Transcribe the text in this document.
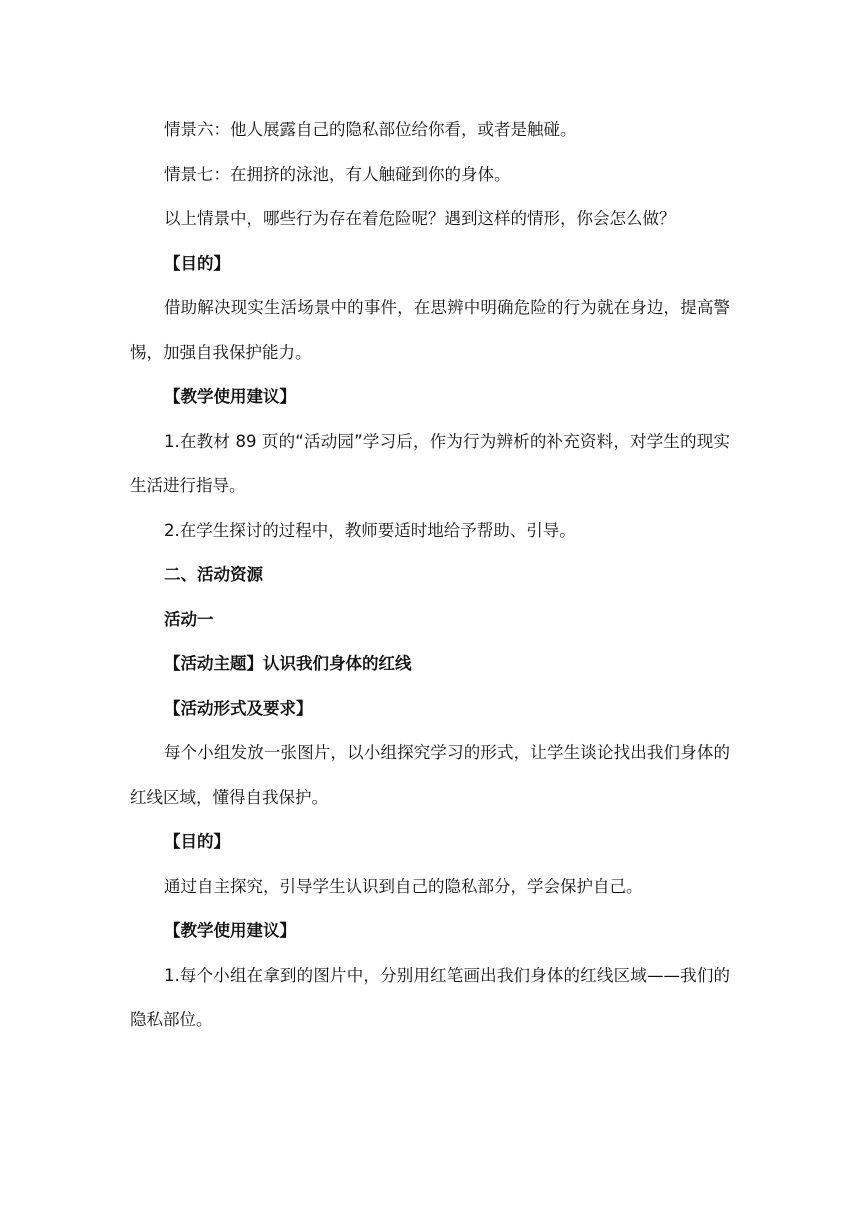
情景六：他人展露自己的隐私部位给你看，或者是触碰。

情景七：在拥挤的泳池，有人触碰到你的身体。

以上情景中，哪些行为存在着危险呢？遇到这样的情形，你会怎么做？

【目的】

借助解决现实生活场景中的事件，在思辨中明确危险的行为就在身边，提高警惕，加强自我保护能力。

【教学使用建议】

1.在教材 89 页的“活动园”学习后，作为行为辨析的补充资料，对学生的现实生活进行指导。

2.在学生探讨的过程中，教师要适时地给予帮助、引导。

二、活动资源

活动一

【活动主题】认识我们身体的红线

【活动形式及要求】

每个小组发放一张图片，以小组探究学习的形式，让学生谈论找出我们身体的红线区域，懂得自我保护。

【目的】

通过自主探究，引导学生认识到自己的隐私部分，学会保护自己。

【教学使用建议】

1.每个小组在拿到的图片中，分别用红笔画出我们身体的红线区域——我们的隐私部位。
